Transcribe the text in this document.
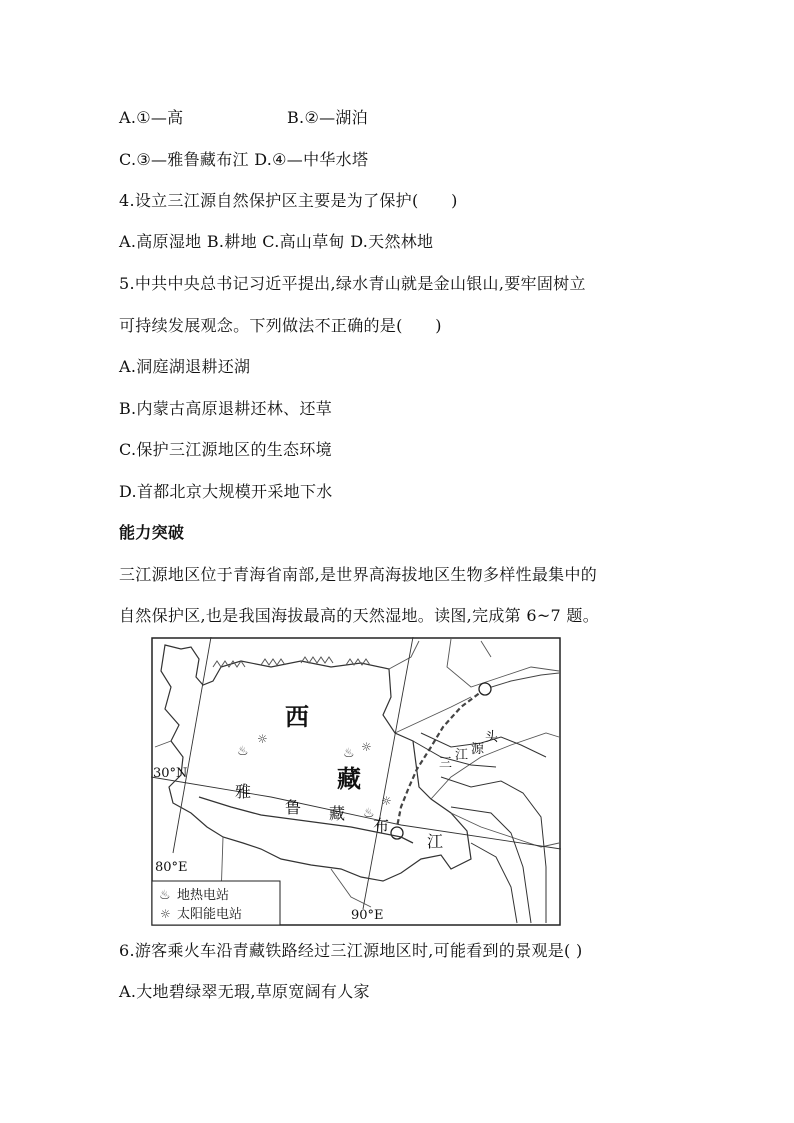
A.①—高	B.②—湖泊
C.③—雅鲁藏布江 D.④—中华水塔
4.设立三江源自然保护区主要是为了保护(　　)
A.高原湿地 B.耕地 C.高山草甸 D.天然林地
5.中共中央总书记习近平提出,绿水青山就是金山银山,要牢固树立
可持续发展观念。下列做法不正确的是(　　)
A.洞庭湖退耕还湖
B.内蒙古高原退耕还林、还草
C.保护三江源地区的生态环境
D.首都北京大规模开采地下水
能力突破
三江源地区位于青海省南部,是世界高海拔地区生物多样性最集中的
自然保护区,也是我国海拔最高的天然湿地。读图,完成第 6~7 题。
♨
☼
♨ ☼
♨
☼
西
藏
30°N
80°E
90°E
雅
鲁 藏
布
江
三
江 源
头
♨ 地热电站
☼ 太阳能电站
6.游客乘火车沿青藏铁路经过三江源地区时,可能看到的景观是( )
A.大地碧绿翠无瑕,草原宽阔有人家
